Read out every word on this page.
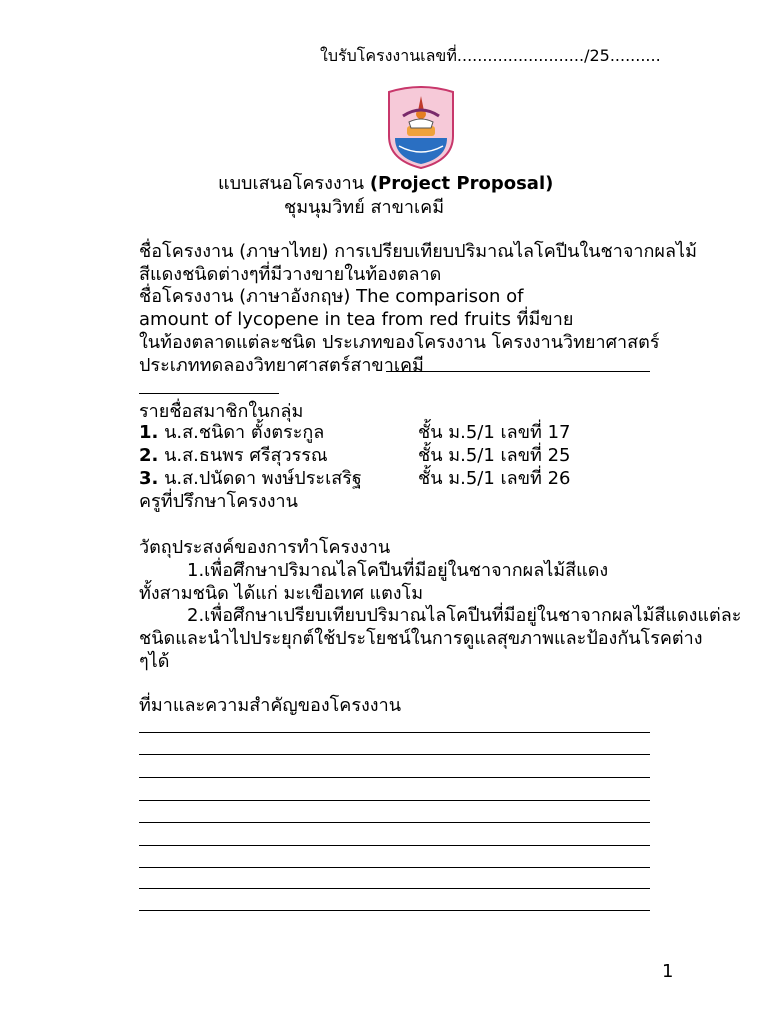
ใบรับโครงงานเลขที่........................./25..........
แบบเสนอโครงงาน (Project Proposal)
ชุมนุมวิทย์ สาขาเคมี
ชื่อโครงงาน (ภาษาไทย) การเปรียบเทียบปริมาณไลโคปีนในชาจากผลไม้
สีแดงชนิดต่างๆที่มีวางขายในท้องตลาด
ชื่อโครงงาน (ภาษาอังกฤษ) The comparison of
amount of lycopene in tea from red fruits ที่มีขาย
ในท้องตลาดแต่ละชนิด ประเภทของโครงงาน โครงงานวิทยาศาสตร์
ประเภททดลองวิทยาศาสตร์สาขาเคมี
รายชื่อสมาชิกในกลุ่ม
1. น.ส.ชนิดา ตั้งตระกูล	ชั้น ม.5/1 เลขที่ 17
2. น.ส.ธนพร ศรีสุวรรณ	ชั้น ม.5/1 เลขที่ 25
3. น.ส.ปนัดดา พงษ์ประเสริฐ	ชั้น ม.5/1 เลขที่ 26
ครูที่ปรึกษาโครงงาน
วัตถุประสงค์ของการทำโครงงาน
1.เพื่อศึกษาปริมาณไลโคปีนที่มีอยู่ในชาจากผลไม้สีแดง
ทั้งสามชนิด ได้แก่ มะเขือเทศ แตงโม
2.เพื่อศึกษาเปรียบเทียบปริมาณไลโคปีนที่มีอยู่ในชาจากผลไม้สีแดงแต่ละ
ชนิดและนำไปประยุกต์ใช้ประโยชน์ในการดูแลสุขภาพและป้องกันโรคต่าง
ๆได้
ที่มาและความสำคัญของโครงงาน
1
